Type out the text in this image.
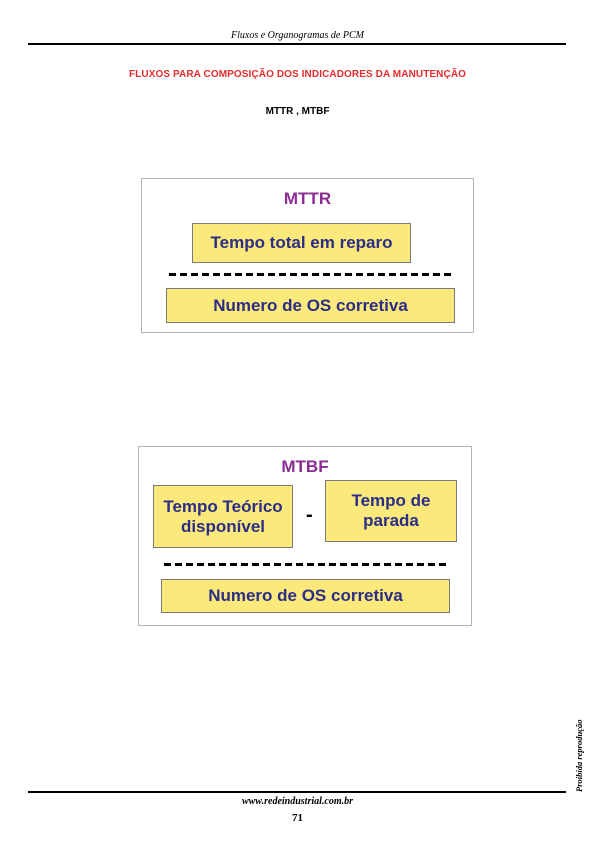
Fluxos e Organogramas de PCM
FLUXOS PARA COMPOSIÇÃO DOS INDICADORES DA MANUTENÇÃO
MTTR , MTBF
MTTR
Tempo total em reparo
Numero de OS corretiva
MTBF
Tempo Teórico
disponível	-
Tempo de
parada
Numero de OS corretiva
Proibida reprodução
www.redeindustrial.com.br
71
